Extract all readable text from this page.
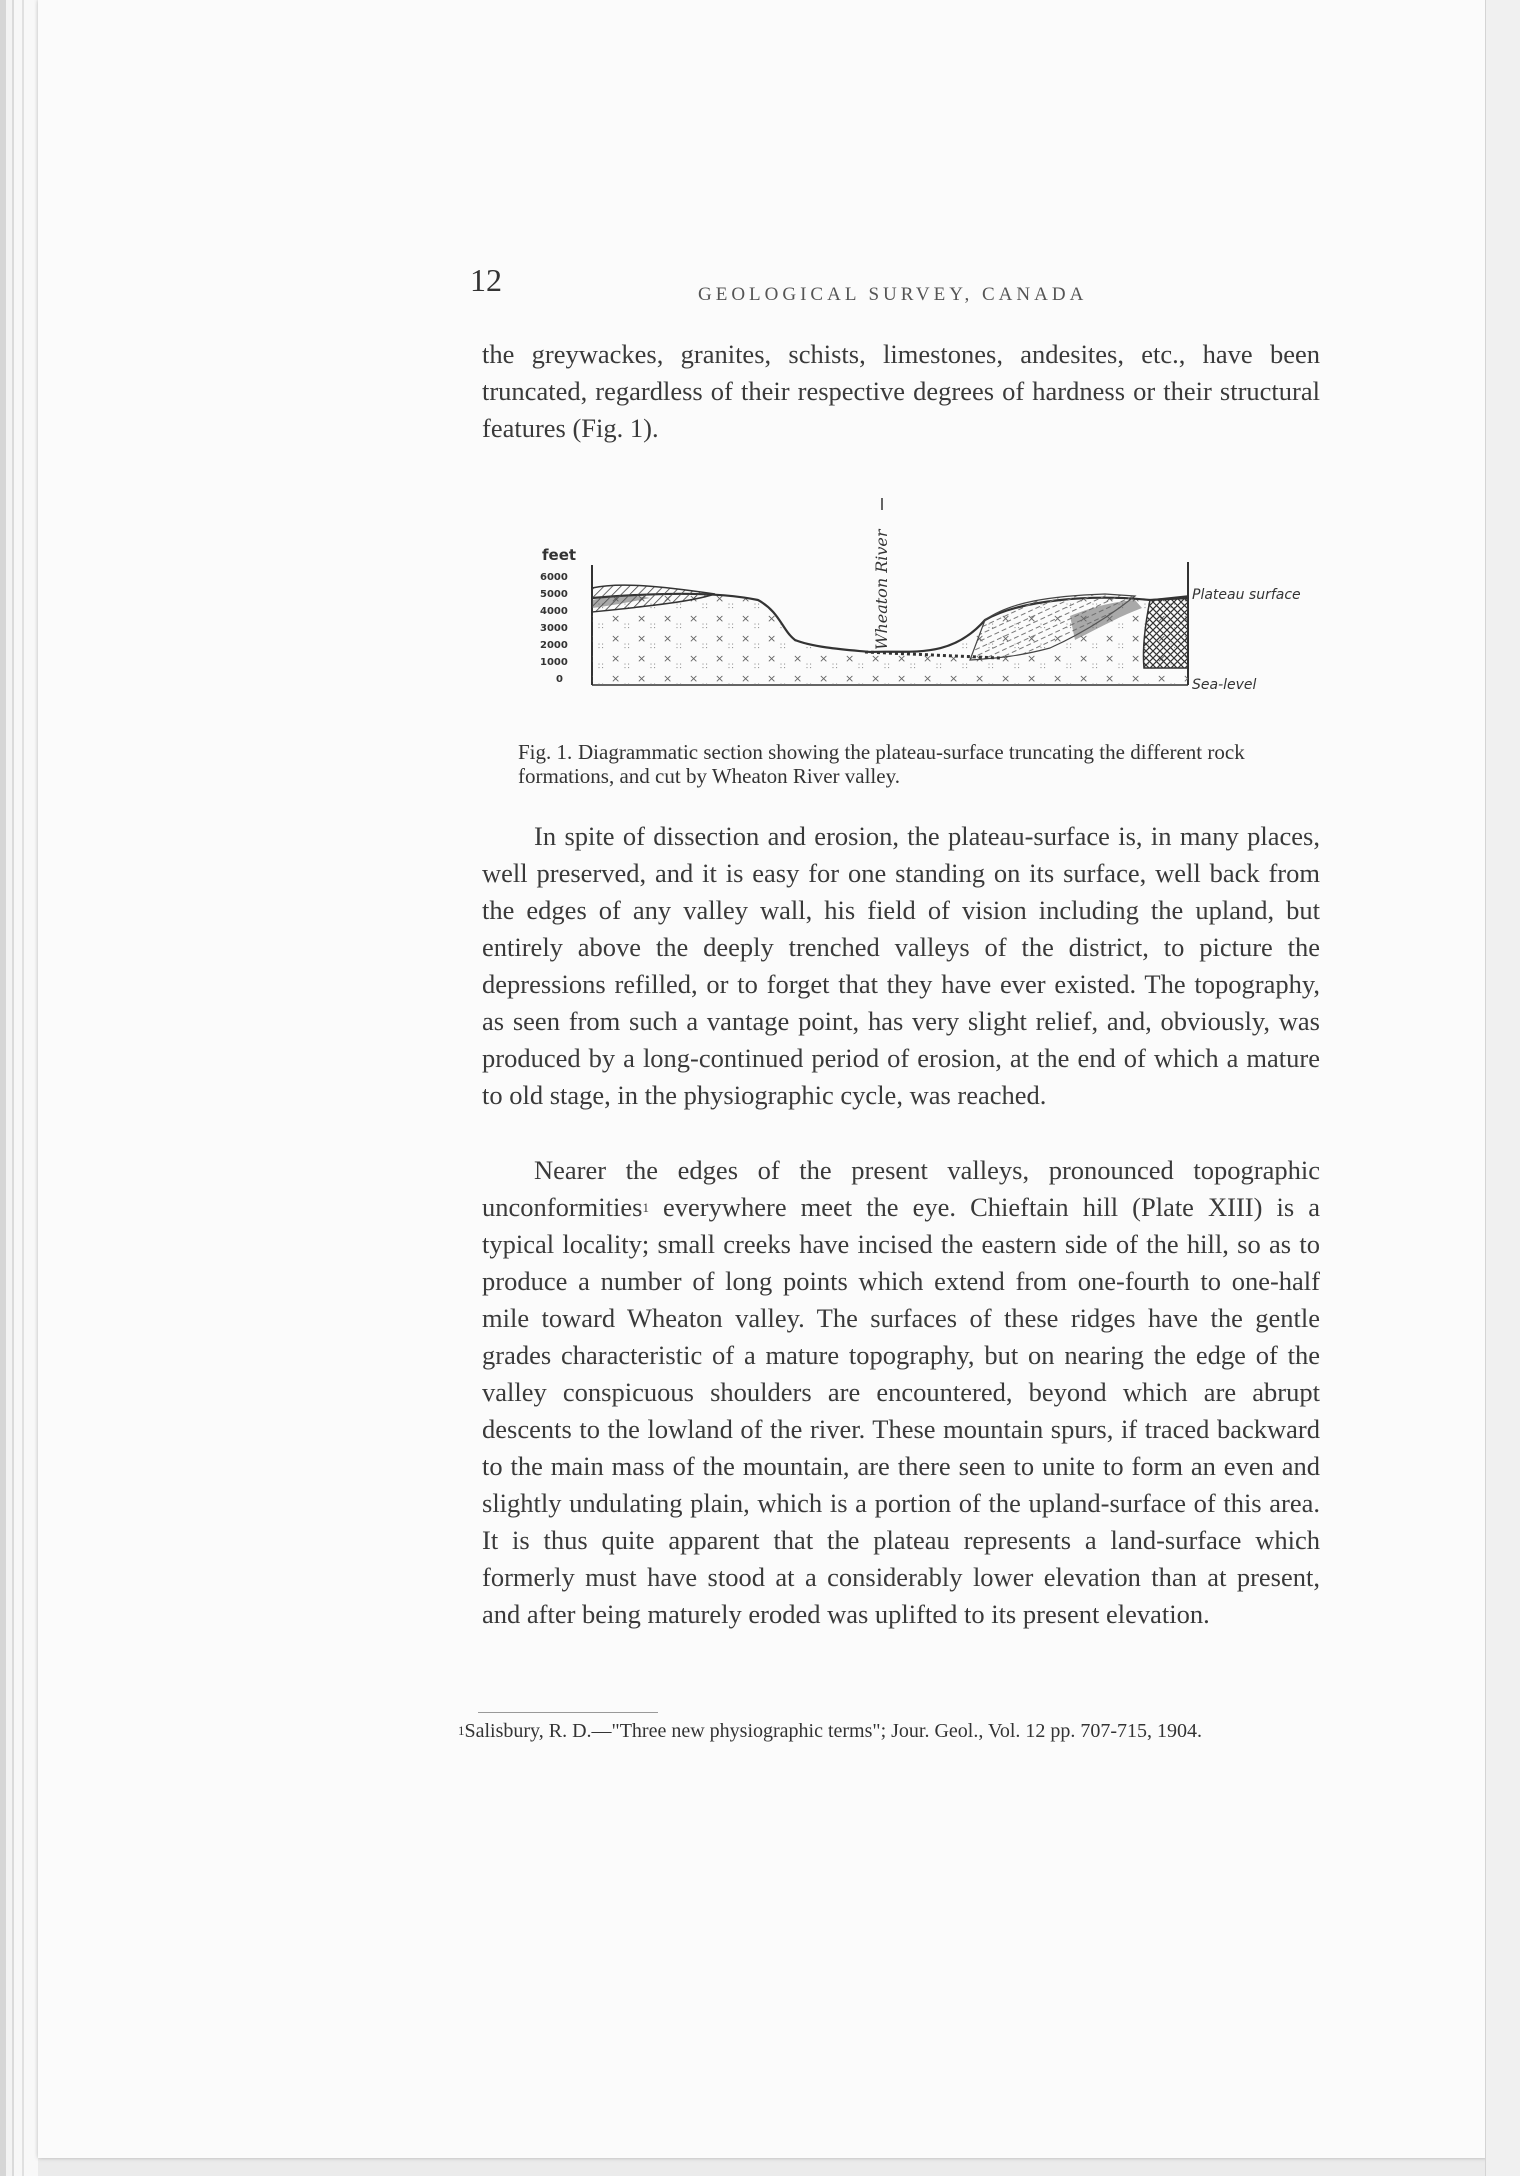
12	GEOLOGICAL SURVEY, CANADA

the greywackes, granites, schists, limestones, andesites, etc., have been truncated, regardless of their respective degrees of hardness or their structural features (Fig. 1).

feet
6000
5000
4000
3000
2000
1000
0
Wheaton River	Plateau surface
Sea-level
Fig. 1. Diagrammatic section showing the plateau-surface truncating the different rock formations, and cut by Wheaton River valley.

In spite of dissection and erosion, the plateau-surface is, in many places, well preserved, and it is easy for one standing on its surface, well back from the edges of any valley wall, his field of vision including the upland, but entirely above the deeply trenched valleys of the district, to picture the depressions refilled, or to forget that they have ever existed. The topography, as seen from such a vantage point, has very slight relief, and, obviously, was produced by a long-continued period of erosion, at the end of which a mature to old stage, in the physiographic cycle, was reached.

Nearer the edges of the present valleys, pronounced topographic unconformities$^1$ everywhere meet the eye. Chieftain hill (Plate XIII) is a typical locality; small creeks have incised the eastern side of the hill, so as to produce a number of long points which extend from one-fourth to one-half mile toward Wheaton valley. The surfaces of these ridges have the gentle grades characteristic of a mature topography, but on nearing the edge of the valley conspicuous shoulders are encountered, beyond which are abrupt descents to the lowland of the river. These mountain spurs, if traced backward to the main mass of the mountain, are there seen to unite to form an even and slightly undulating plain, which is a portion of the upland-surface of this area. It is thus quite apparent that the plateau represents a land-surface which formerly must have stood at a considerably lower elevation than at present, and after being maturely eroded was uplifted to its present elevation.

$^1$Salisbury, R. D.—"Three new physiographic terms"; Jour. Geol., Vol. 12 pp. 707-715, 1904.
